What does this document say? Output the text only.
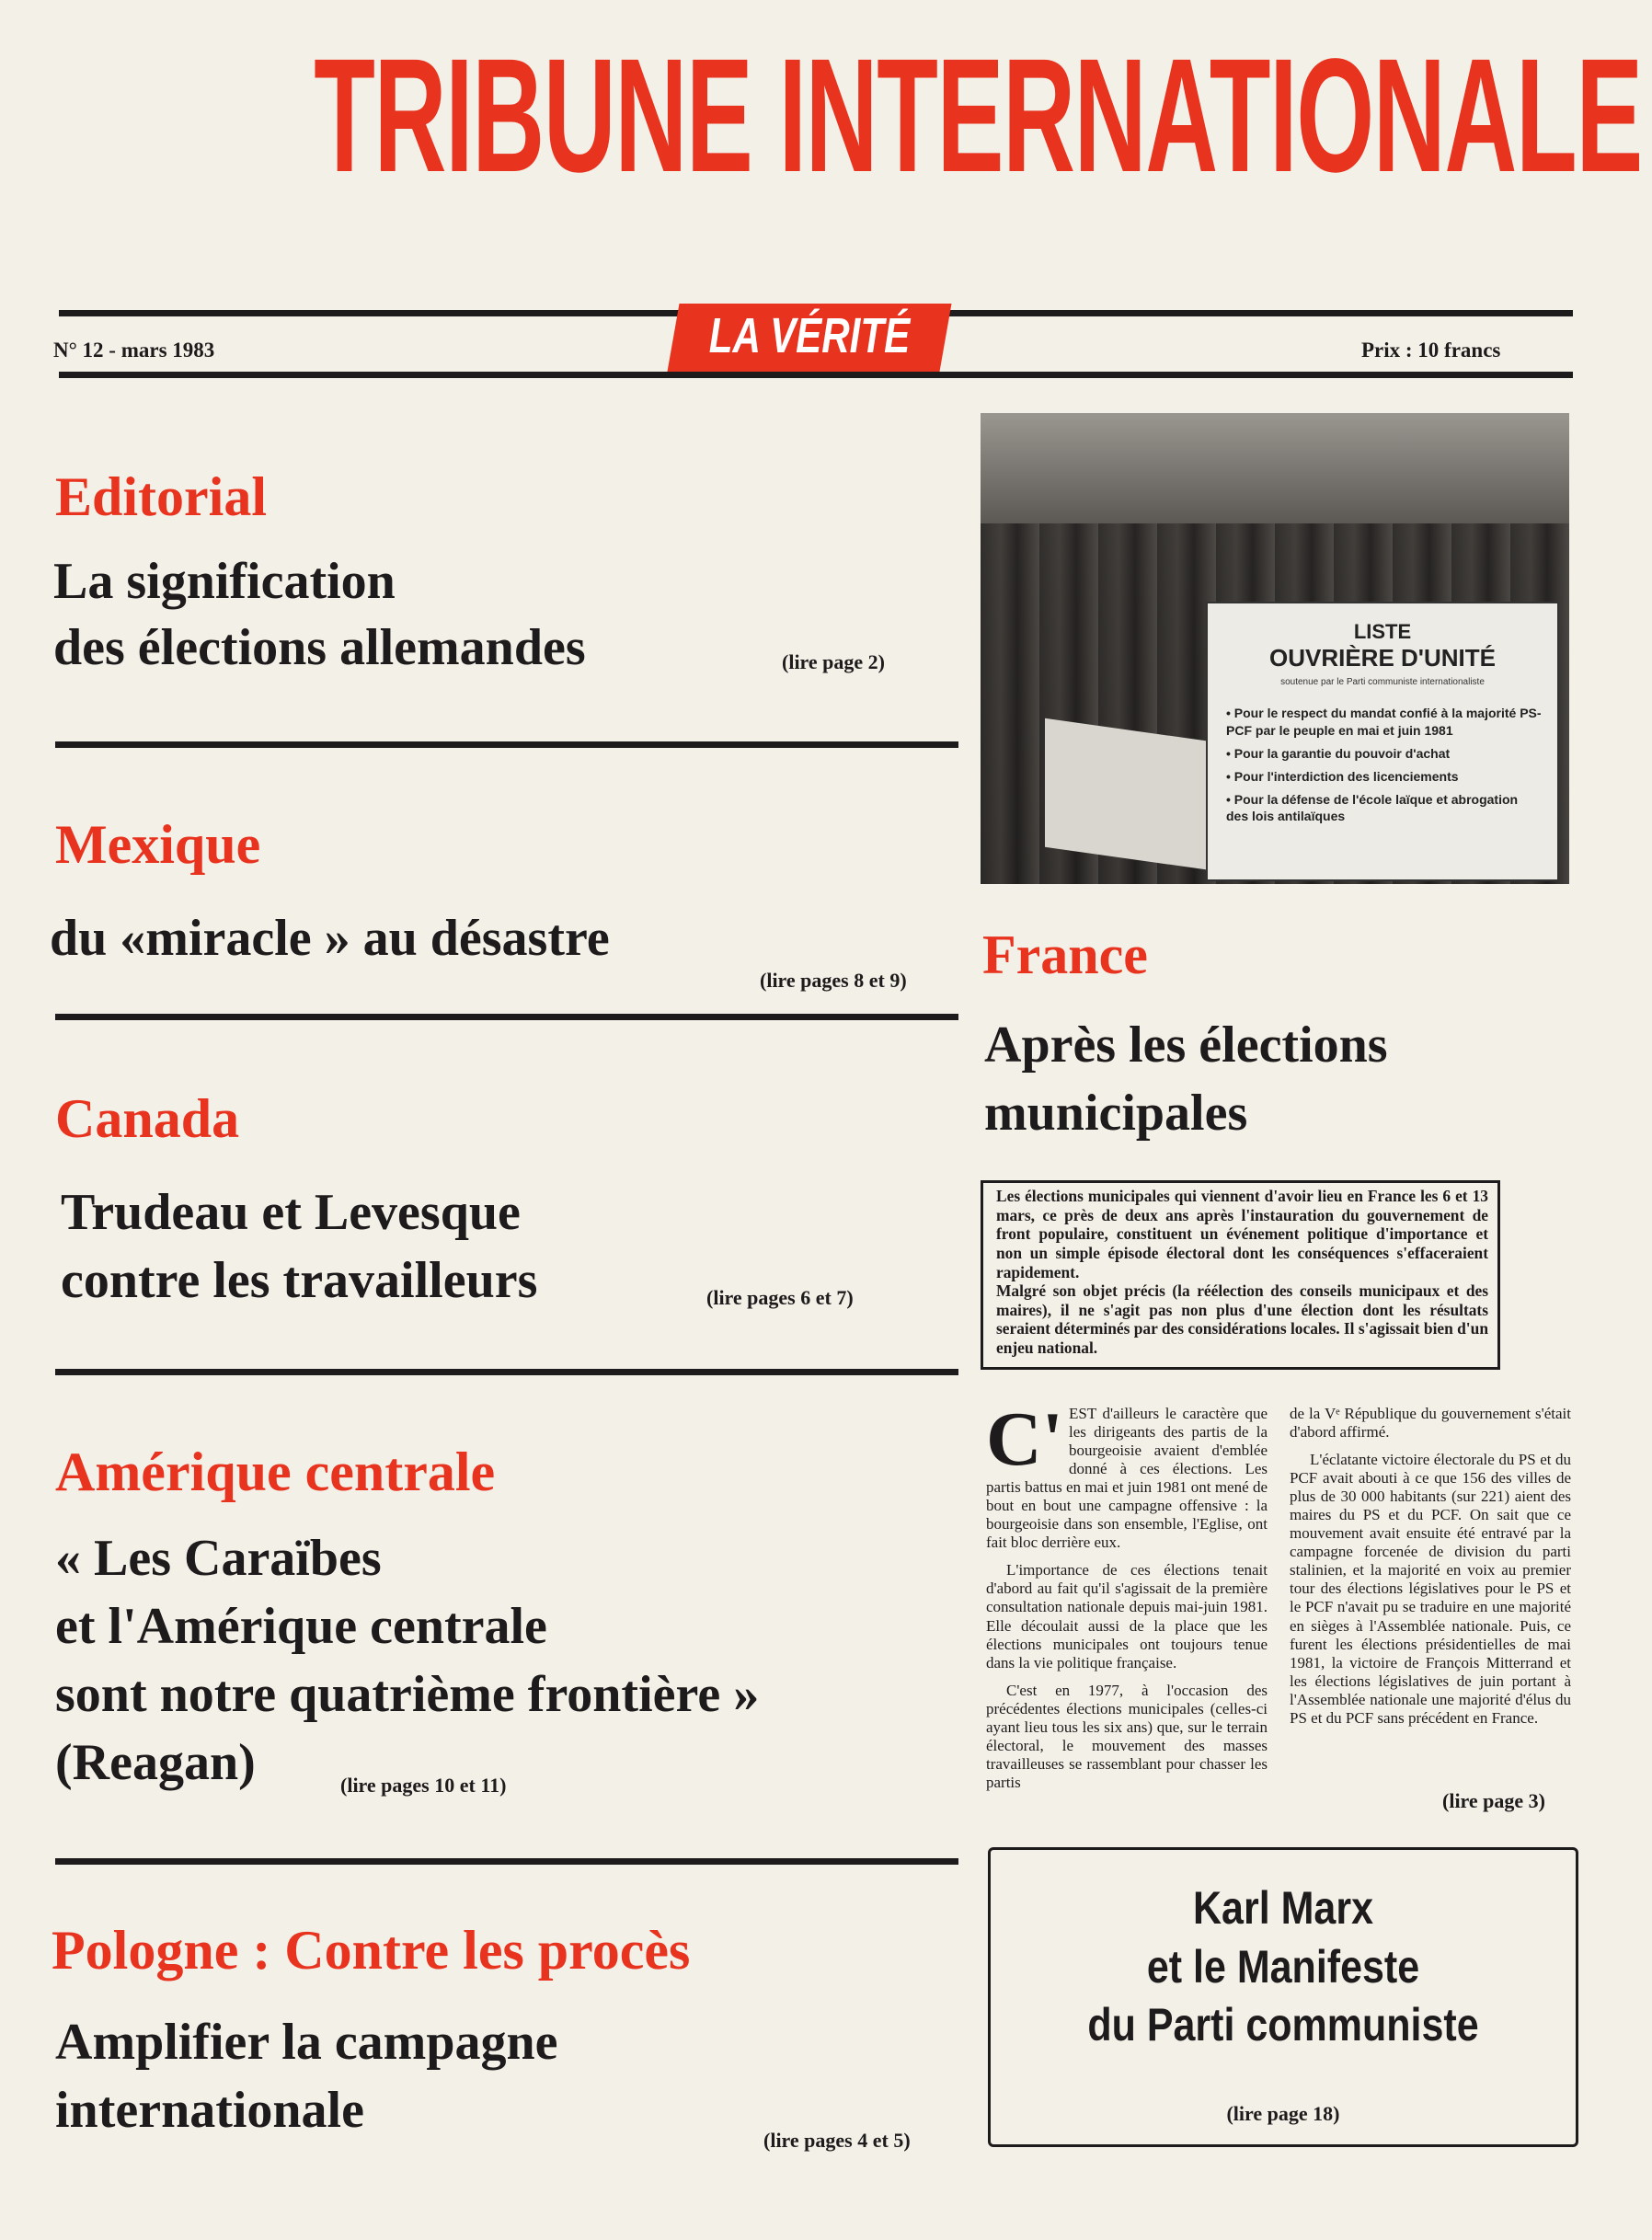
TRIBUNE INTERNATIONALE
LA VÉRITÉ
N° 12 - mars 1983	Prix : 10 francs
Editorial
La signification
des élections allemandes	(lire page 2)
Mexique
du «miracle » au désastre
(lire pages 8 et 9)
Canada
Trudeau et Levesque
contre les travailleurs	(lire pages 6 et 7)
Amérique centrale
« Les Caraïbes
et l'Amérique centrale
sont notre quatrième frontière »
(Reagan)	(lire pages 10 et 11)
Pologne : Contre les procès
Amplifier la campagne
internationale
(lire pages 4 et 5)
LISTE
OUVRIÈRE D'UNITÉ
soutenue par le Parti communiste internationaliste
• Pour le respect du mandat confié à la majorité PS-PCF par le peuple en mai et juin 1981
• Pour la garantie du pouvoir d'achat
• Pour l'interdiction des licenciements
• Pour la défense de l'école laïque et abrogation des lois antilaïques
France
Après les élections
municipales

Les élections municipales qui viennent d'avoir lieu en France les 6 et 13 mars, ce près de deux ans après l'instauration du gouvernement de front populaire, constituent un événement politique d'importance et non un simple épisode électoral dont les conséquences s'effaceraient rapidement.

Malgré son objet précis (la réélection des conseils municipaux et des maires), il ne s'agit pas non plus d'une élection dont les résultats seraient déterminés par des considérations locales. Il s'agissait bien d'un enjeu national.

C' EST d'ailleurs le caractère que les dirigeants des partis de la bourgeoisie avaient d'emblée donné à ces élections. Les partis battus en mai et juin 1981 ont mené de bout en bout une campagne offensive : la bourgeoisie dans son ensemble, l'Eglise, ont fait bloc derrière eux.

L'importance de ces élections tenait d'abord au fait qu'il s'agissait de la première consultation nationale depuis mai-juin 1981. Elle découlait aussi de la place que les élections municipales ont toujours tenue dans la vie politique française.

C'est en 1977, à l'occasion des précédentes élections municipales (celles-ci ayant lieu tous les six ans) que, sur le terrain électoral, le mouvement des masses travailleuses se rassemblant pour chasser les partis

de la Vᵉ République du gouvernement s'était d'abord affirmé.

L'éclatante victoire électorale du PS et du PCF avait abouti à ce que 156 des villes de plus de 30 000 habitants (sur 221) aient des maires du PS et du PCF. On sait que ce mouvement avait ensuite été entravé par la campagne forcenée de division du parti stalinien, et la majorité en voix au premier tour des élections législatives pour le PS et le PCF n'avait pu se traduire en une majorité en sièges à l'Assemblée nationale. Puis, ce furent les élections présidentielles de mai 1981, la victoire de François Mitterrand et les élections législatives de juin portant à l'Assemblée nationale une majorité d'élus du PS et du PCF sans précédent en France.

(lire page 3)
Karl Marx
et le Manifeste
du Parti communiste
(lire page 18)
